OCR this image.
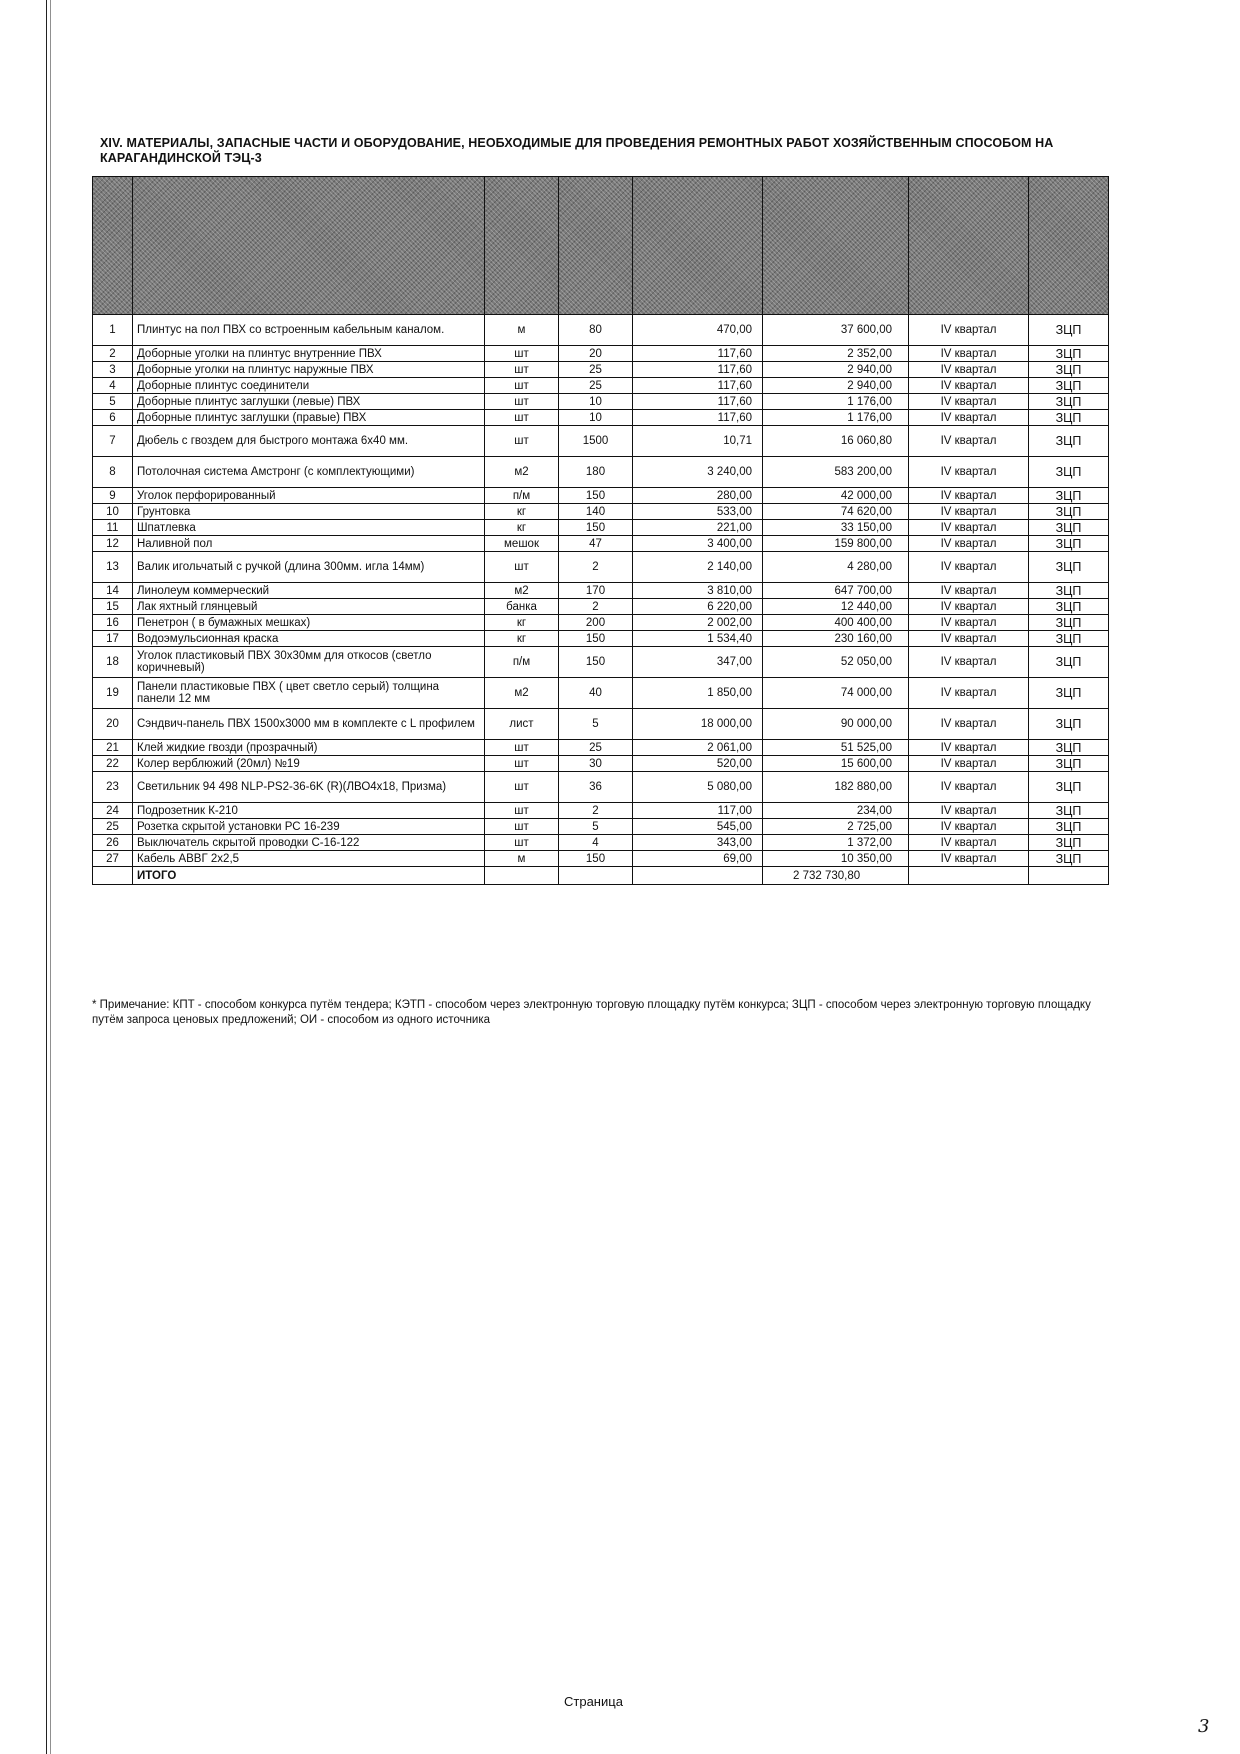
XIV. МАТЕРИАЛЫ, ЗАПАСНЫЕ ЧАСТИ И ОБОРУДОВАНИЕ, НЕОБХОДИМЫЕ ДЛЯ ПРОВЕДЕНИЯ РЕМОНТНЫХ РАБОТ ХОЗЯЙСТВЕННЫМ СПОСОБОМ НА КАРАГАНДИНСКОЙ ТЭЦ-3

1	Плинтус на пол ПВХ со встроенным кабельным каналом.	м	80	470,00	37 600,00	IV квартал	ЗЦП
2	Доборные уголки на плинтус внутренние ПВХ	шт	20	117,60	2 352,00	IV квартал	ЗЦП
3	Доборные уголки на плинтус наружные ПВХ	шт	25	117,60	2 940,00	IV квартал	ЗЦП
4	Доборные плинтус соединители	шт	25	117,60	2 940,00	IV квартал	ЗЦП
5	Доборные плинтус заглушки (левые) ПВХ	шт	10	117,60	1 176,00	IV квартал	ЗЦП
6	Доборные плинтус заглушки (правые) ПВХ	шт	10	117,60	1 176,00	IV квартал	ЗЦП
7	Дюбель с гвоздем для быстрого монтажа 6х40 мм.	шт	1500	10,71	16 060,80	IV квартал	ЗЦП
8	Потолочная система Амстронг (с комплектующими)	м2	180	3 240,00	583 200,00	IV квартал	ЗЦП
9	Уголок перфорированный	п/м	150	280,00	42 000,00	IV квартал	ЗЦП
10	Грунтовка	кг	140	533,00	74 620,00	IV квартал	ЗЦП
11	Шпатлевка	кг	150	221,00	33 150,00	IV квартал	ЗЦП
12	Наливной пол	мешок	47	3 400,00	159 800,00	IV квартал	ЗЦП
13	Валик игольчатый с ручкой (длина 300мм. игла 14мм)	шт	2	2 140,00	4 280,00	IV квартал	ЗЦП
14	Линолеум коммерческий	м2	170	3 810,00	647 700,00	IV квартал	ЗЦП
15	Лак яхтный глянцевый	банка	2	6 220,00	12 440,00	IV квартал	ЗЦП
16	Пенетрон ( в бумажных мешках)	кг	200	2 002,00	400 400,00	IV квартал	ЗЦП
17	Водоэмульсионная краска	кг	150	1 534,40	230 160,00	IV квартал	ЗЦП
18	Уголок пластиковый ПВХ 30х30мм для откосов (светло коричневый)	п/м	150	347,00	52 050,00	IV квартал	ЗЦП
19	Панели пластиковые ПВХ ( цвет светло серый) толщина панели 12 мм	м2	40	1 850,00	74 000,00	IV квартал	ЗЦП
20	Сэндвич-панель ПВХ 1500х3000 мм в комплекте с L профилем	лист	5	18 000,00	90 000,00	IV квартал	ЗЦП
21	Клей жидкие гвозди (прозрачный)	шт	25	2 061,00	51 525,00	IV квартал	ЗЦП
22	Колер верблюжий (20мл) №19	шт	30	520,00	15 600,00	IV квартал	ЗЦП
23	Светильник 94 498 NLP-PS2-36-6K (R)(ЛВО4х18, Призма)	шт	36	5 080,00	182 880,00	IV квартал	ЗЦП
24	Подрозетник К-210	шт	2	117,00	234,00	IV квартал	ЗЦП
25	Розетка скрытой установки РС 16-239	шт	5	545,00	2 725,00	IV квартал	ЗЦП
26	Выключатель скрытой проводки С-16-122	шт	4	343,00	1 372,00	IV квартал	ЗЦП
27	Кабель АВВГ 2х2,5	м	150	69,00	10 350,00	IV квартал	ЗЦП
	ИТОГО				2 732 730,80		
* Примечание: КПТ - способом конкурса путём тендера; КЭТП - способом через электронную торговую площадку путём конкурса; ЗЦП - способом через электронную торговую площадку путём запроса ценовых предложений; ОИ - способом из одного источника
Страница
3
